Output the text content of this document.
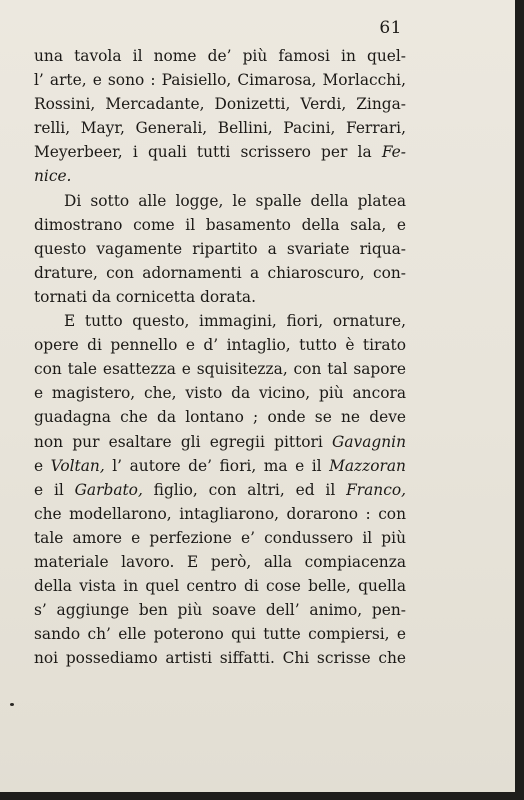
61
una tavola il nome de’ più famosi in quel-
l’ arte, e sono : Paisiello, Cimarosa, Morlacchi,
Rossini, Mercadante, Donizetti, Verdi, Zinga-
relli, Mayr, Generali, Bellini, Pacini, Ferrari,
Meyerbeer, i quali tutti scrissero per la Fe-
nice.
Di sotto alle logge, le spalle della platea
dimostrano come il basamento della sala, e
questo vagamente ripartito a svariate riqua-
drature, con adornamenti a chiaroscuro, con-
tornati da cornicetta dorata.
E tutto questo, immagini, fiori, ornature,
opere di pennello e d’ intaglio, tutto è tirato
con tale esattezza e squisitezza, con tal sapore
e magistero, che, visto da vicino, più ancora
guadagna che da lontano ; onde se ne deve
non pur esaltare gli egregii pittori Gavagnin
e Voltan, l’ autore de’ fiori, ma e il Mazzoran
e il Garbato, figlio, con altri, ed il Franco,
che modellarono, intagliarono, dorarono : con
tale amore e perfezione e’ condussero il più
materiale lavoro. E però, alla compiacenza
della vista in quel centro di cose belle, quella
s’ aggiunge ben più soave dell’ animo, pen-
sando ch’ elle poterono qui tutte compiersi, e
noi possediamo artisti siffatti. Chi scrisse che
